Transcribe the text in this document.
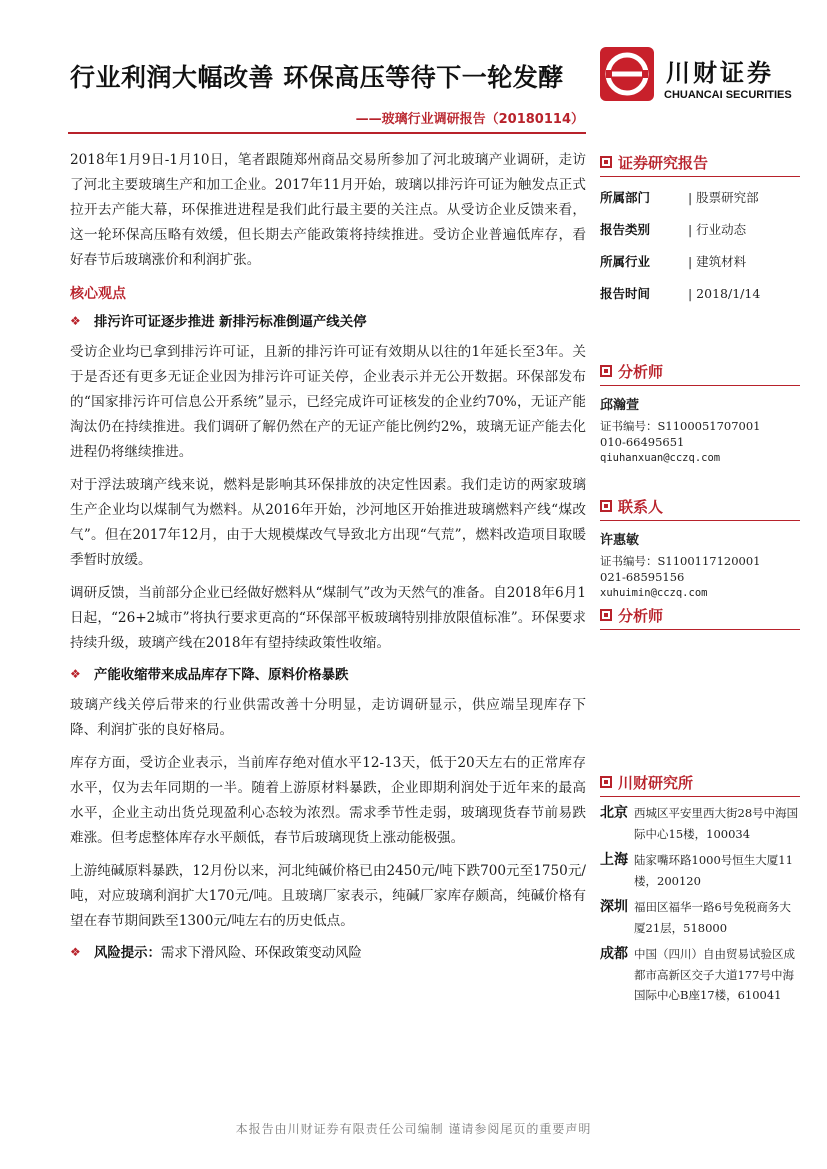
行业利润大幅改善 环保高压等待下一轮发酵
——玻璃行业调研报告（20180114）
川财证券
CHUANCAI SECURITIES

2018年1月9日-1月10日，笔者跟随郑州商品交易所参加了河北玻璃产业调研，走访了河北主要玻璃生产和加工企业。2017年11月开始，玻璃以排污许可证为触发点正式拉开去产能大幕，环保推进进程是我们此行最主要的关注点。从受访企业反馈来看，这一轮环保高压略有效缓，但长期去产能政策将持续推进。受访企业普遍低库存，看好春节后玻璃涨价和利润扩张。

核心观点
❖ 排污许可证逐步推进 新排污标准倒逼产线关停

受访企业均已拿到排污许可证，且新的排污许可证有效期从以往的1年延长至3年。关于是否还有更多无证企业因为排污许可证关停，企业表示并无公开数据。环保部发布的“国家排污许可信息公开系统”显示，已经完成许可证核发的企业约70%，无证产能淘汰仍在持续推进。我们调研了解仍然在产的无证产能比例约2%，玻璃无证产能去化进程仍将继续推进。

对于浮法玻璃产线来说，燃料是影响其环保排放的决定性因素。我们走访的两家玻璃生产企业均以煤制气为燃料。从2016年开始，沙河地区开始推进玻璃燃料产线“煤改气”。但在2017年12月，由于大规模煤改气导致北方出现“气荒”，燃料改造项目取暖季暂时放缓。

调研反馈，当前部分企业已经做好燃料从“煤制气”改为天然气的准备。自2018年6月1日起，“26+2城市”将执行要求更高的“环保部平板玻璃特别排放限值标准”。环保要求持续升级，玻璃产线在2018年有望持续政策性收缩。

❖ 产能收缩带来成品库存下降、原料价格暴跌

玻璃产线关停后带来的行业供需改善十分明显，走访调研显示，供应端呈现库存下降、利润扩张的良好格局。

库存方面，受访企业表示，当前库存绝对值水平12-13天，低于20天左右的正常库存水平，仅为去年同期的一半。随着上游原材料暴跌，企业即期利润处于近年来的最高水平，企业主动出货兑现盈利心态较为浓烈。需求季节性走弱，玻璃现货春节前易跌难涨。但考虑整体库存水平颇低，春节后玻璃现货上涨动能极强。

上游纯碱原料暴跌，12月份以来，河北纯碱价格已由2450元/吨下跌700元至1750元/吨，对应玻璃利润扩大170元/吨。且玻璃厂家表示，纯碱厂家库存颇高，纯碱价格有望在春节期间跌至1300元/吨左右的历史低点。

❖ 风险提示： 需求下滑风险、环保政策变动风险
证券研究报告
所属部门	| 股票研究部
报告类别	| 行业动态
所属行业	| 建筑材料
报告时间	| 2018/1/14
分析师
邱瀚萱
证书编号：S1100051707001
010-66495651
qiuhanxuan@cczq.com
联系人
许惠敏
证书编号：S1100117120001
021-68595156
xuhuimin@cczq.com
分析师
川财研究所
北京 西城区平安里西大街28号中海国际中心15楼，100034
上海 陆家嘴环路1000号恒生大厦11楼，200120
深圳 福田区福华一路6号免税商务大厦21层，518000
成都 中国（四川）自由贸易试验区成都市高新区交子大道177号中海国际中心B座17楼，610041
本报告由川财证券有限责任公司编制 谨请参阅尾页的重要声明
